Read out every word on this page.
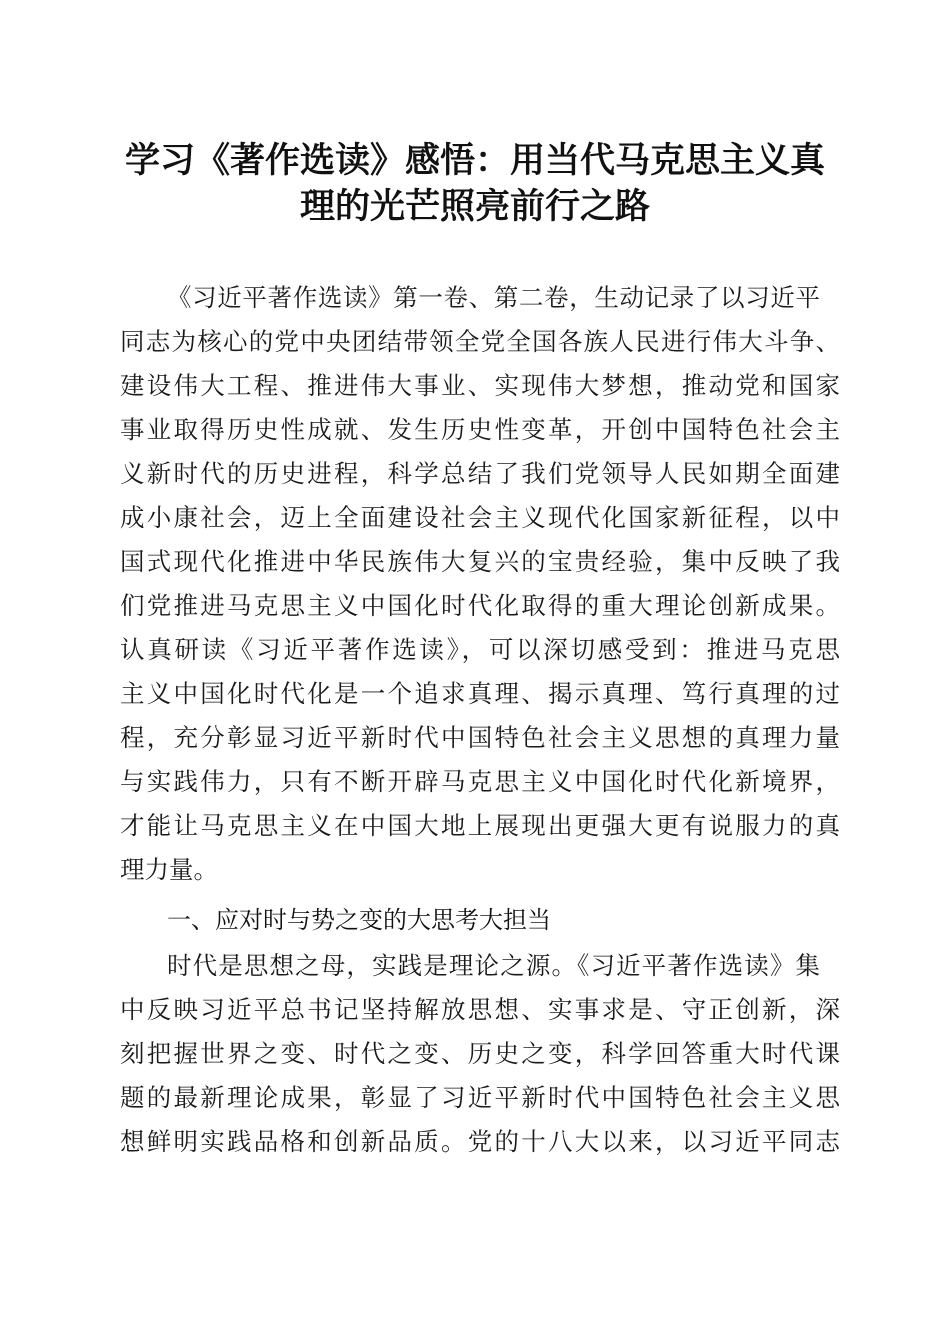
学习《著作选读》感悟：用当代马克思主义真
理的光芒照亮前行之路
《习近平著作选读》第一卷、第二卷，生动记录了以习近平
同志为核心的党中央团结带领全党全国各族人民进行伟大斗争、
建设伟大工程、推进伟大事业、实现伟大梦想，推动党和国家
事业取得历史性成就、发生历史性变革，开创中国特色社会主
义新时代的历史进程，科学总结了我们党领导人民如期全面建
成小康社会，迈上全面建设社会主义现代化国家新征程，以中
国式现代化推进中华民族伟大复兴的宝贵经验，集中反映了我
们党推进马克思主义中国化时代化取得的重大理论创新成果。
认真研读《习近平著作选读》，可以深切感受到：推进马克思
主义中国化时代化是一个追求真理、揭示真理、笃行真理的过
程，充分彰显习近平新时代中国特色社会主义思想的真理力量
与实践伟力，只有不断开辟马克思主义中国化时代化新境界，
才能让马克思主义在中国大地上展现出更强大更有说服力的真
理力量。
一、应对时与势之变的大思考大担当
时代是思想之母，实践是理论之源。《习近平著作选读》集
中反映习近平总书记坚持解放思想、实事求是、守正创新，深
刻把握世界之变、时代之变、历史之变，科学回答重大时代课
题的最新理论成果，彰显了习近平新时代中国特色社会主义思
想鲜明实践品格和创新品质。党的十八大以来，以习近平同志
